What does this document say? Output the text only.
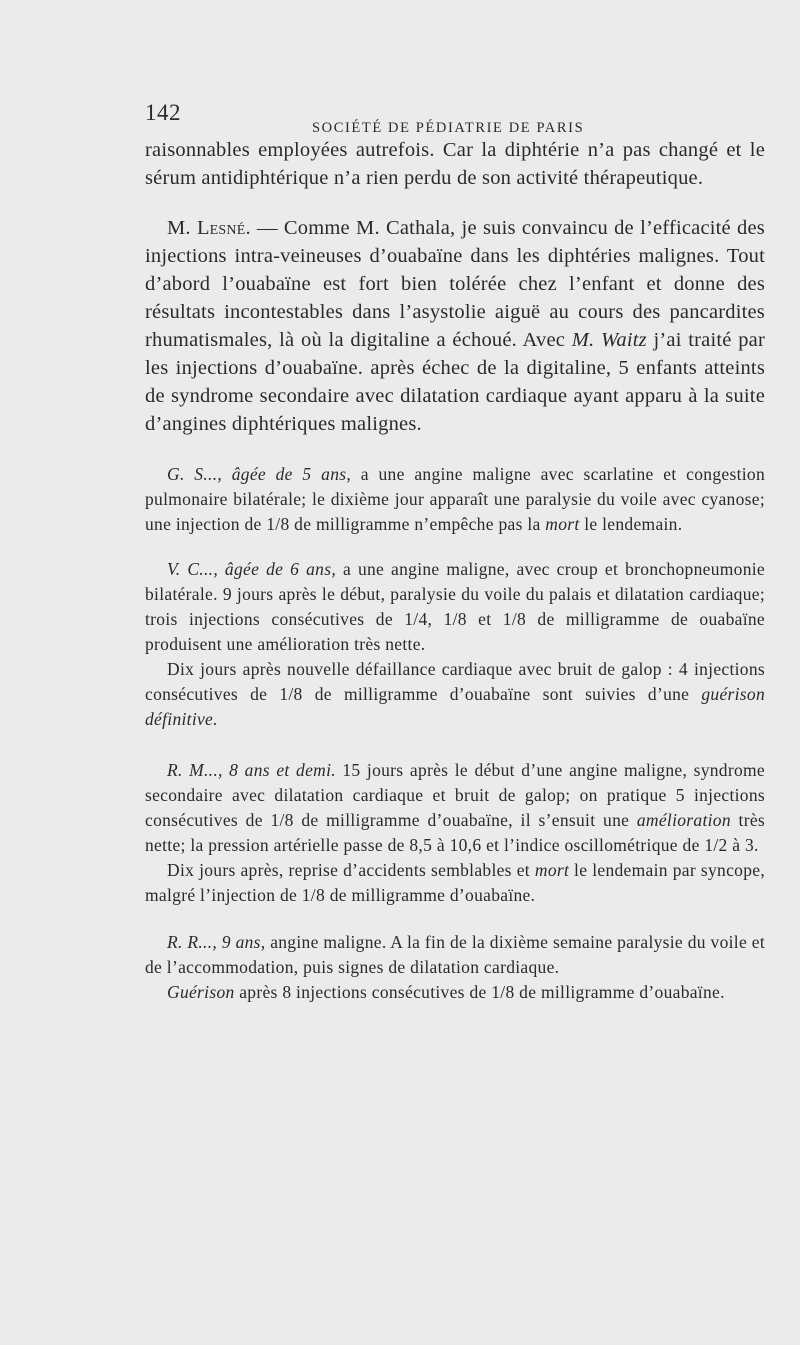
142
SOCIÉTÉ DE PÉDIATRIE DE PARIS

raisonnables employées autrefois. Car la diphtérie n’a pas changé et le sérum antidiphtérique n’a rien perdu de son activité thérapeutique.

M. Lesné. — Comme M. Cathala, je suis convaincu de l’efficacité des injections intra-veineuses d’ouabaïne dans les diphtéries malignes. Tout d’abord l’ouabaïne est fort bien tolérée chez l’enfant et donne des résultats incontestables dans l’asystolie aiguë au cours des pancardites rhumatismales, là où la digitaline a échoué. Avec M. Waitz j’ai traité par les injections d’ouabaïne. après échec de la digitaline, 5 enfants atteints de syndrome secondaire avec dilatation cardiaque ayant apparu à la suite d’angines diphtériques malignes.

G. S..., âgée de 5 ans, a une angine maligne avec scarlatine et congestion pulmonaire bilatérale; le dixième jour apparaît une paralysie du voile avec cyanose; une injection de 1/8 de milligramme n’empêche pas la mort le lendemain.
V. C..., âgée de 6 ans, a une angine maligne, avec croup et bronchopneumonie bilatérale. 9 jours après le début, paralysie du voile du palais et dilatation cardiaque; trois injections consécutives de 1/4, 1/8 et 1/8 de milligramme de ouabaïne produisent une amélioration très nette.
Dix jours après nouvelle défaillance cardiaque avec bruit de galop : 4 injections consécutives de 1/8 de milligramme d’ouabaïne sont suivies d’une guérison définitive.
R. M..., 8 ans et demi. 15 jours après le début d’une angine maligne, syndrome secondaire avec dilatation cardiaque et bruit de galop; on pratique 5 injections consécutives de 1/8 de milligramme d’ouabaïne, il s’ensuit une amélioration très nette; la pression artérielle passe de 8,5 à 10,6 et l’indice oscillométrique de 1/2 à 3.
Dix jours après, reprise d’accidents semblables et mort le lendemain par syncope, malgré l’injection de 1/8 de milligramme d’ouabaïne.
R. R..., 9 ans, angine maligne. A la fin de la dixième semaine paralysie du voile et de l’accommodation, puis signes de dilatation cardiaque.
Guérison après 8 injections consécutives de 1/8 de milligramme d’ouabaïne.
